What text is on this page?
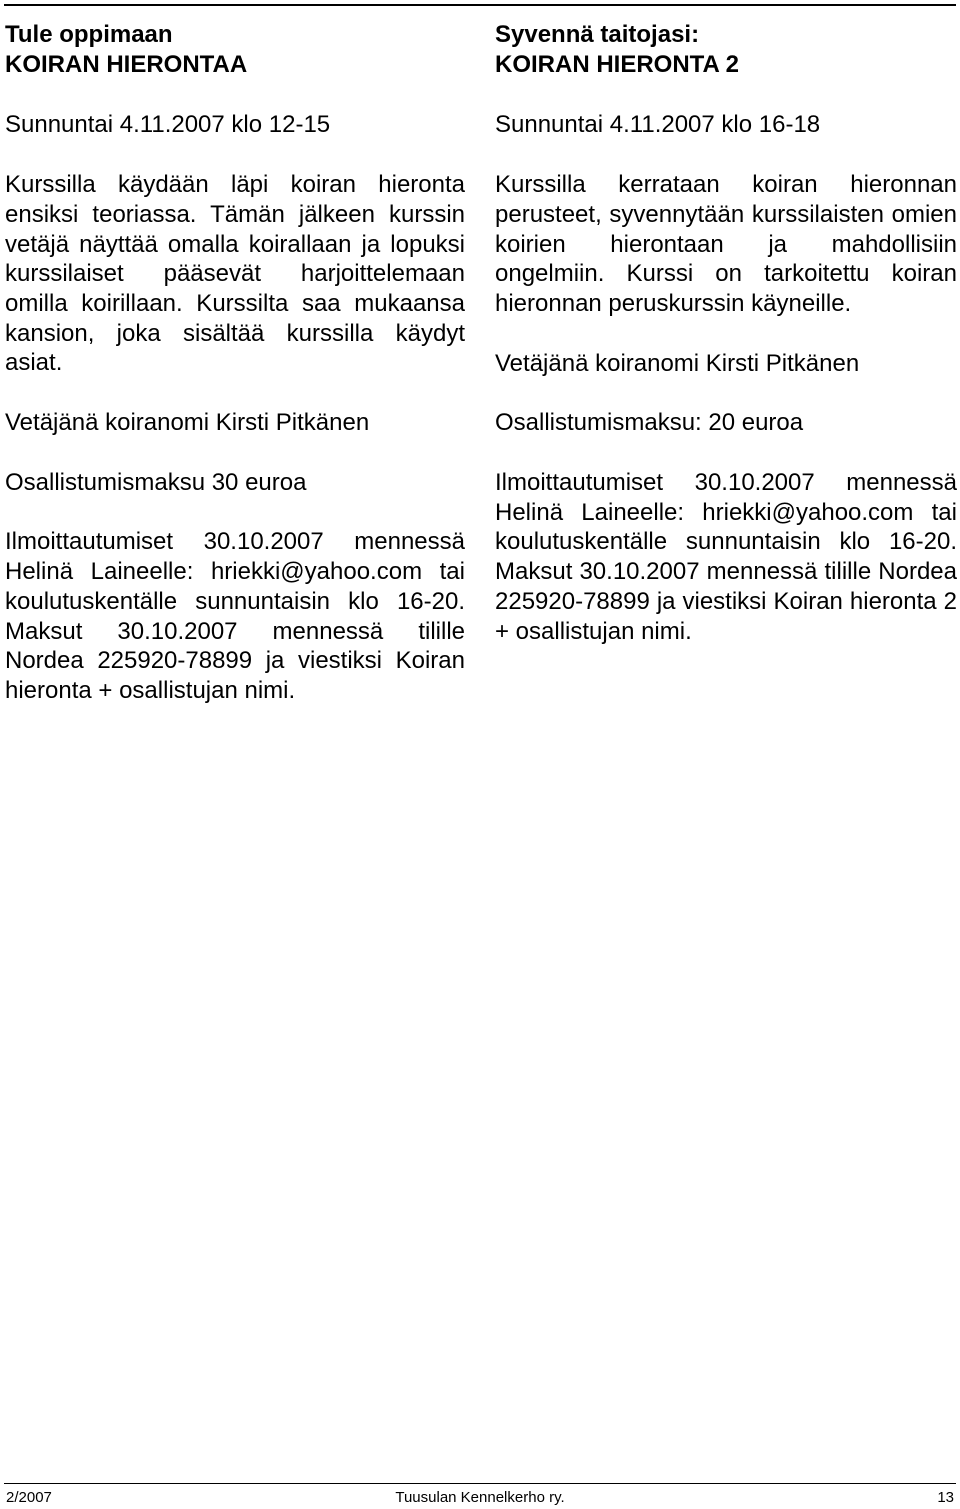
Tule oppimaan
KOIRAN HIERONTAA
Sunnuntai 4.11.2007 klo 12-15

Kurssilla käydään läpi koiran hieronta ensiksi teoriassa. Tämän jälkeen kurssin vetäjä näyttää omalla koirallaan ja lopuksi kurssilaiset pääsevät harjoittelemaan omilla koirillaan. Kurssilta saa mukaansa kansion, joka sisältää kurssilla käydyt asiat.

Vetäjänä koiranomi Kirsti Pitkänen

Osallistumismaksu 30 euroa

Ilmoittautumiset 30.10.2007 mennessä Helinä Laineelle: hriekki@yahoo.com tai koulutuskentälle sunnuntaisin klo 16-20. Maksut 30.10.2007 mennessä tilille Nordea 225920-78899 ja viestiksi Koiran hieronta + osallistujan nimi.

Syvennä taitojasi:
KOIRAN HIERONTA 2
Sunnuntai 4.11.2007 klo 16-18

Kurssilla kerrataan koiran hieronnan perusteet, syvennytään kurssilaisten omien koirien hierontaan ja mahdollisiin ongelmiin. Kurssi on tarkoitettu koiran hieronnan peruskurssin käyneille.

Vetäjänä koiranomi Kirsti Pitkänen

Osallistumismaksu: 20 euroa

Ilmoittautumiset 30.10.2007 mennessä Helinä Laineelle: hriekki@yahoo.com tai koulutuskentälle sunnuntaisin klo 16-20. Maksut 30.10.2007 mennessä tilille Nordea 225920-78899 ja viestiksi Koiran hieronta 2 + osallistujan nimi.

Tuusulan Kennelkerho ry.
2/2007	13
